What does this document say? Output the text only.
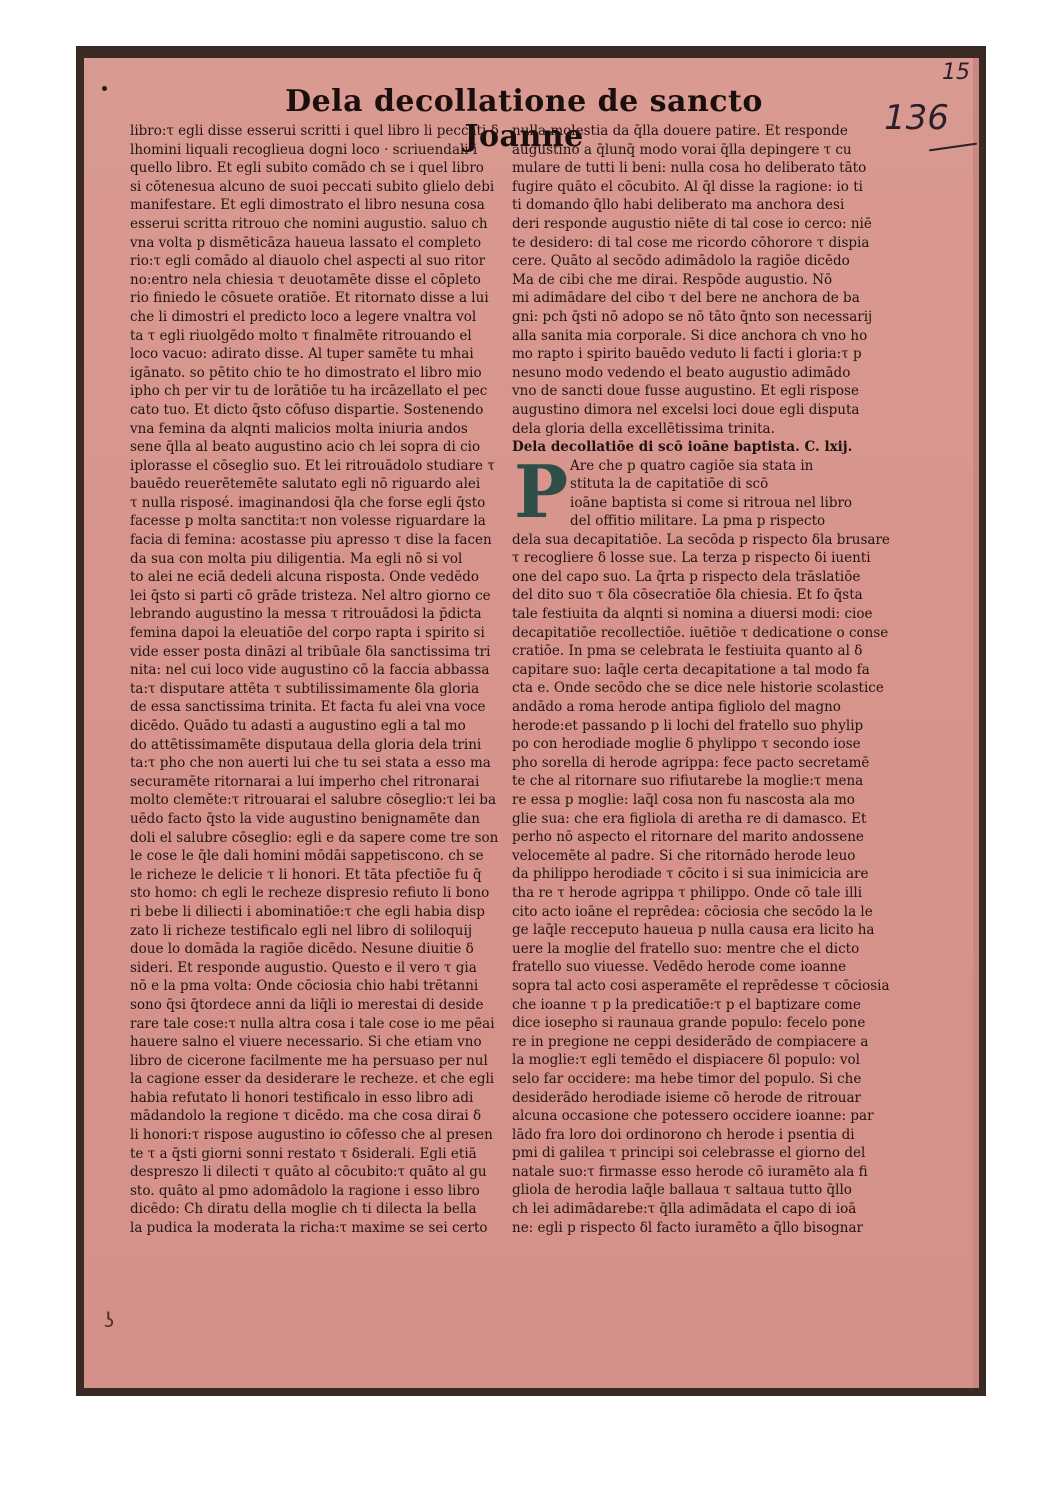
Dela decollatione de sancto Joanne
15
136
libro:τ egli disse esserui scritti i quel libro li peccati δ
lhomini liquali recoglieua dogni loco · scriuendali i
quello libro. Et egli subito comādo ch se i quel libro
si cōtenesua alcuno de suoi peccati subito glielo debi
manifestare. Et egli dimostrato el libro nesuna cosa
esserui scritta ritrouo che nomini augustio. saluo ch
vna volta p dismēticāza haueua lassato el completo
rio:τ egli comādo al diauolo chel aspecti al suo ritor
no:entro nela chiesia τ deuotamēte disse el cōpleto
rio finiedo le cōsuete oratiōe. Et ritornato disse a lui
che li dimostri el predicto loco a legere vnaltra vol
ta τ egli riuolgēdo molto τ finalmēte ritrouando el
loco vacuo: adirato disse. Al tuper samēte tu mhai
igānato. so pētito chio te ho dimostrato el libro mio
ipho ch per vir tu de lorātiōe tu ha ircāzellato el pec
cato tuo. Et dicto q̄sto cōfuso dispartie. Sostenendo
vna femina da alqnti malicios molta iniuria andos
sene q̄lla al beato augustino acio ch lei sopra di cio
iplorasse el cōseglio suo. Et lei ritrouādolo studiare τ
bauēdo reuerētemēte salutato egli nō riguardo alei
τ nulla risposé. imaginandosi q̄la che forse egli q̄sto
facesse p molta sanctita:τ non volesse riguardare la
facia di femina: acostasse piu apresso τ dise la facen
da sua con molta piu diligentia. Ma egli nō si vol
to alei ne eciā dedeli alcuna risposta. Onde vedēdo
lei q̄sto si parti cō grāde tristeza. Nel altro giorno ce
lebrando augustino la messa τ ritrouādosi la p̄dicta
femina dapoi la eleuatiōe del corpo rapta i spirito si
vide esser posta dināzi al tribūale δla sanctissima tri
nita: nel cui loco vide augustino cō la faccia abbassa
ta:τ disputare attēta τ subtilissimamente δla gloria
de essa sanctissima trinita. Et facta fu alei vna voce
dicēdo. Quādo tu adasti a augustino egli a tal mo
do attētissimamēte disputaua della gloria dela trini
ta:τ pho che non auerti lui che tu sei stata a esso ma
securamēte ritornarai a lui imperho chel ritronarai
molto clemēte:τ ritrouarai el salubre cōseglio:τ lei ba
uēdo facto q̄sto la vide augustino benignamēte dan
doli el salubre cōseglio: egli e da sapere come tre son
le cose le q̄le dali homini mōdāi sappetiscono. ch se
le richeze le delicie τ li honori. Et tāta pfectiōe fu q̄
sto homo: ch egli le recheze dispresio refiuto li bono
ri bebe li diliecti i abominatiōe:τ che egli habia disp
zato li richeze testificalo egli nel libro di soliloquij
doue lo domāda la ragiōe dicēdo. Nesune diuitie δ
sideri. Et responde augustio. Questo e il vero τ gia
nō e la pma volta: Onde cōciosia chio habi trētanni
sono q̄si q̄tordece anni da liq̄li io merestai di deside
rare tale cose:τ nulla altra cosa i tale cose io me pēai
hauere salno el viuere necessario. Si che etiam vno
libro de cicerone facilmente me ha persuaso per nul
la cagione esser da desiderare le recheze. et che egli
habia refutato li honori testificalo in esso libro adi
mādandolo la regione τ dicēdo. ma che cosa dirai δ
li honori:τ rispose augustino io cōfesso che al presen
te τ a q̄sti giorni sonni restato τ δsiderali. Egli etiā
despreszo li dilecti τ quāto al cōcubito:τ quāto al gu
sto. quāto al pmo adomādolo la ragione i esso libro
dicēdo: Ch diratu della moglie ch ti dilecta la bella
la pudica la moderata la richa:τ maxime se sei certo
nulla molestia da q̄lla douere patire. Et responde
augustino a q̄lunq̄ modo vorai q̄lla depingere τ cu
mulare de tutti li beni: nulla cosa ho deliberato tāto
fugire quāto el cōcubito. Al q̄l disse la ragione: io ti
ti domando q̄llo habi deliberato ma anchora desi
deri responde augustio niēte di tal cose io cerco: niē
te desidero: di tal cose me ricordo cōhorore τ dispia
cere. Quāto al secōdo adimādolo la ragiōe dicēdo
Ma de cibi che me dirai. Respōde augustio. Nō
mi adimādare del cibo τ del bere ne anchora de ba
gni: pch q̄sti nō adopo se nō tāto q̄nto son necessarij
alla sanita mia corporale. Si dice anchora ch vno ho
mo rapto i spirito bauēdo veduto li facti i gloria:τ p
nesuno modo vedendo el beato augustio adimādo
vno de sancti doue fusse augustino. Et egli rispose
augustino dimora nel excelsi loci doue egli disputa
dela gloria della excellētissima trinita.
Dela decollatiōe di scō ioāne baptista. C. lxij.
P Are che p quatro cagiōe sia stata in
stituta la de capitatiōe di scō
ioāne baptista si come si ritroua nel libro
del offitio militare. La pma p rispecto
dela sua decapitatiōe. La secōda p rispecto δla brusare
τ recogliere δ losse sue. La terza p rispecto δi iuenti
one del capo suo. La q̄rta p rispecto dela trāslatiōe
del dito suo τ δla cōsecratiōe δla chiesia. Et fo q̄sta
tale festiuita da alqnti si nomina a diuersi modi: cioe
decapitatiōe recollectiōe. iuētiōe τ dedicatione o conse
cratiōe. In pma se celebrata le festiuita quanto al δ
capitare suo: laq̄le certa decapitatione a tal modo fa
cta e. Onde secōdo che se dice nele historie scolastice
andādo a roma herode antipa figliolo del magno
herode:et passando p li lochi del fratello suo phylip
po con herodiade moglie δ phylippo τ secondo iose
pho sorella di herode agrippa: fece pacto secretamē
te che al ritornare suo rifiutarebe la moglie:τ mena
re essa p moglie: laq̄l cosa non fu nascosta ala mo
glie sua: che era figliola di aretha re di damasco. Et
perho nō aspecto el ritornare del marito andossene
velocemēte al padre. Si che ritornādo herode leuo
da philippo herodiade τ cōcito i si sua inimicicia are
tha re τ herode agrippa τ philippo. Onde cō tale illi
cito acto ioāne el reprēdea: cōciosia che secōdo la le
ge laq̄le recceputo haueua p nulla causa era licito ha
uere la moglie del fratello suo: mentre che el dicto
fratello suo viuesse. Vedēdo herode come ioanne
sopra tal acto cosi asperamēte el reprēdesse τ cōciosia
che ioanne τ p la predicatiōe:τ p el baptizare come
dice iosepho si raunaua grande populo: fecelo pone
re in pregione ne ceppi desiderādo de compiacere a
la moglie:τ egli temēdo el dispiacere δl populo: vol
selo far occidere: ma hebe timor del populo. Si che
desiderādo herodiade isieme cō herode de ritrouar
alcuna occasione che potessero occidere ioanne: par
lādo fra loro doi ordinorono ch herode i psentia di
pmi di galilea τ principi soi celebrasse el giorno del
natale suo:τ firmasse esso herode cō iuramēto ala fi
gliola de herodia laq̄le ballaua τ saltaua tutto q̄llo
ch lei adimādarebe:τ q̄lla adimādata el capo di ioā
ne: egli p rispecto δl facto iuramēto a q̄llo bisognar
ʖ
